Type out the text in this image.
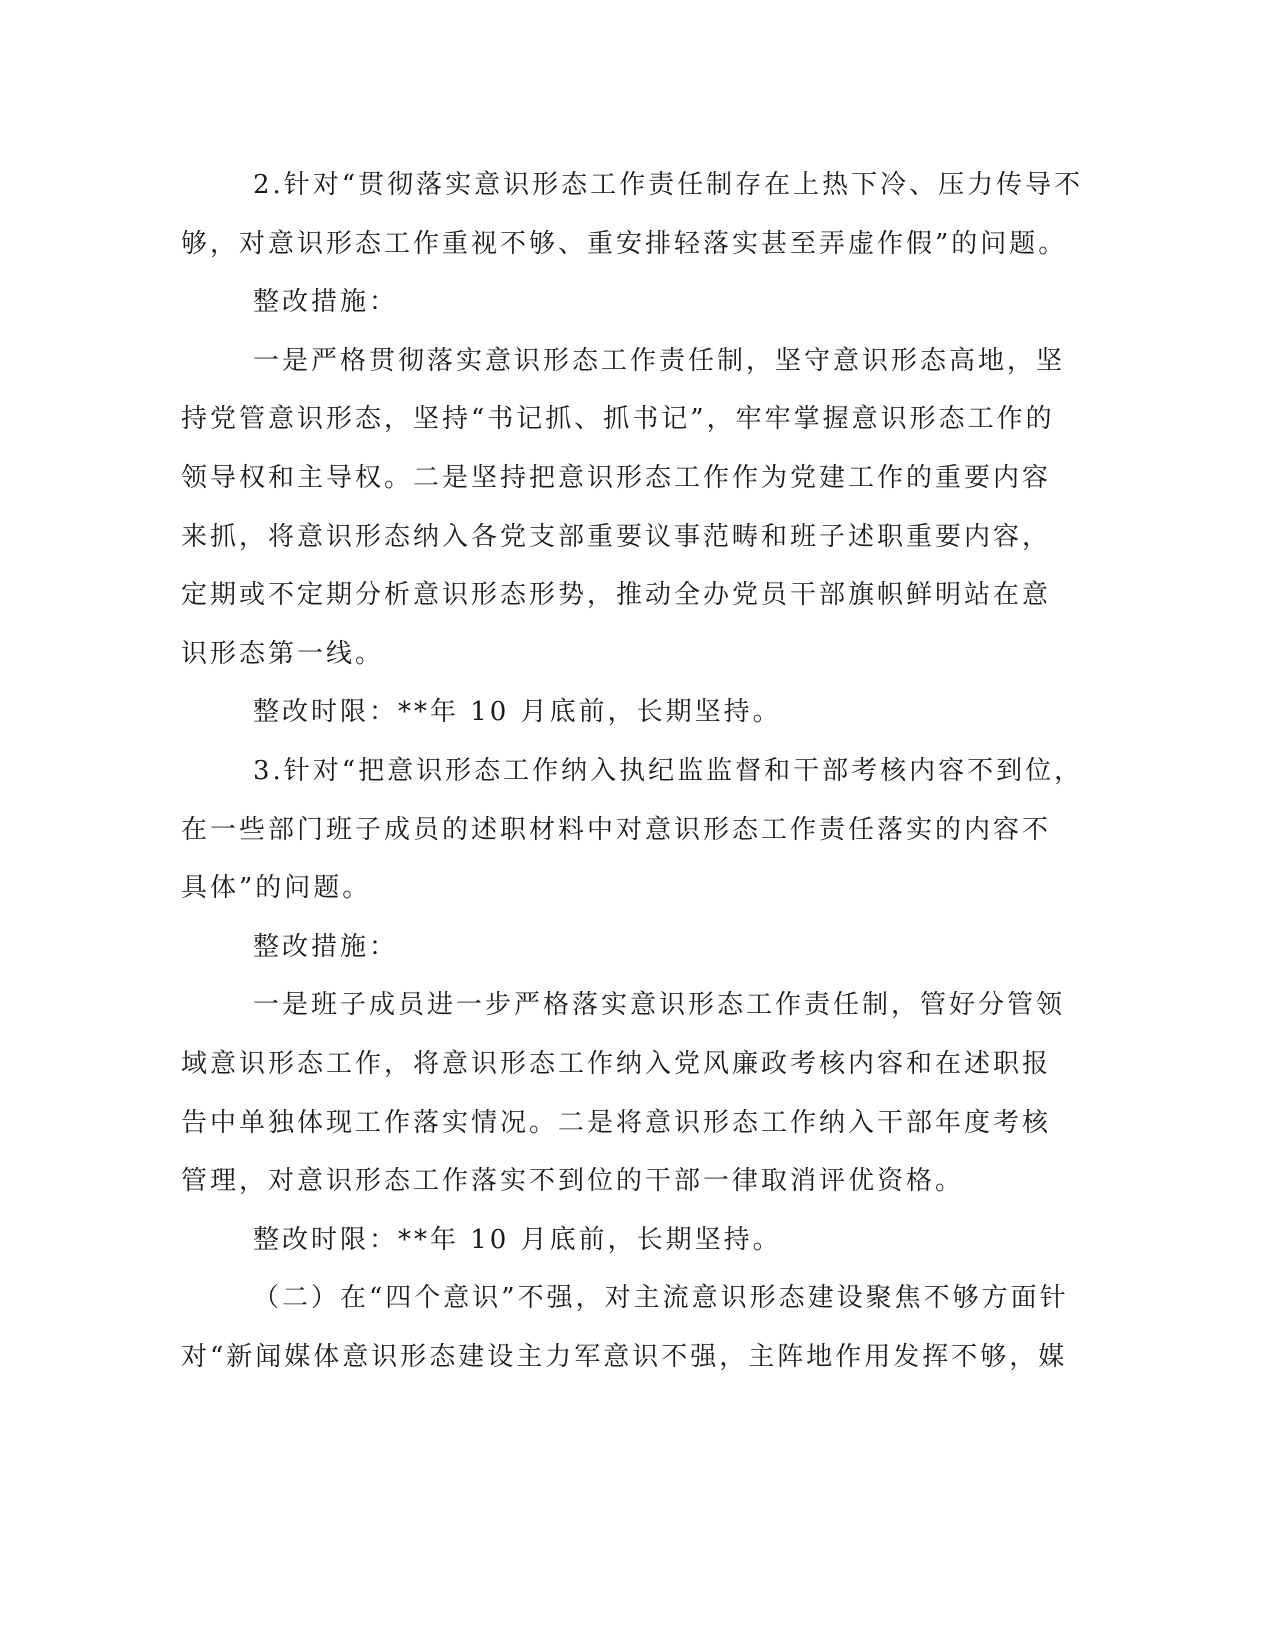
2.针对“贯彻落实意识形态工作责任制存在上热下冷、压力传导不
够，对意识形态工作重视不够、重安排轻落实甚至弄虚作假”的问题。
整改措施：
一是严格贯彻落实意识形态工作责任制，坚守意识形态高地，坚
持党管意识形态，坚持“书记抓、抓书记”，牢牢掌握意识形态工作的
领导权和主导权。二是坚持把意识形态工作作为党建工作的重要内容
来抓，将意识形态纳入各党支部重要议事范畴和班子述职重要内容，
定期或不定期分析意识形态形势，推动全办党员干部旗帜鲜明站在意
识形态第一线。
整改时限：**年 10 月底前，长期坚持。
3.针对“把意识形态工作纳入执纪监监督和干部考核内容不到位，
在一些部门班子成员的述职材料中对意识形态工作责任落实的内容不
具体”的问题。
整改措施：
一是班子成员进一步严格落实意识形态工作责任制，管好分管领
域意识形态工作，将意识形态工作纳入党风廉政考核内容和在述职报
告中单独体现工作落实情况。二是将意识形态工作纳入干部年度考核
管理，对意识形态工作落实不到位的干部一律取消评优资格。
整改时限：**年 10 月底前，长期坚持。
（二）在“四个意识”不强，对主流意识形态建设聚焦不够方面针
对“新闻媒体意识形态建设主力军意识不强，主阵地作用发挥不够，媒
